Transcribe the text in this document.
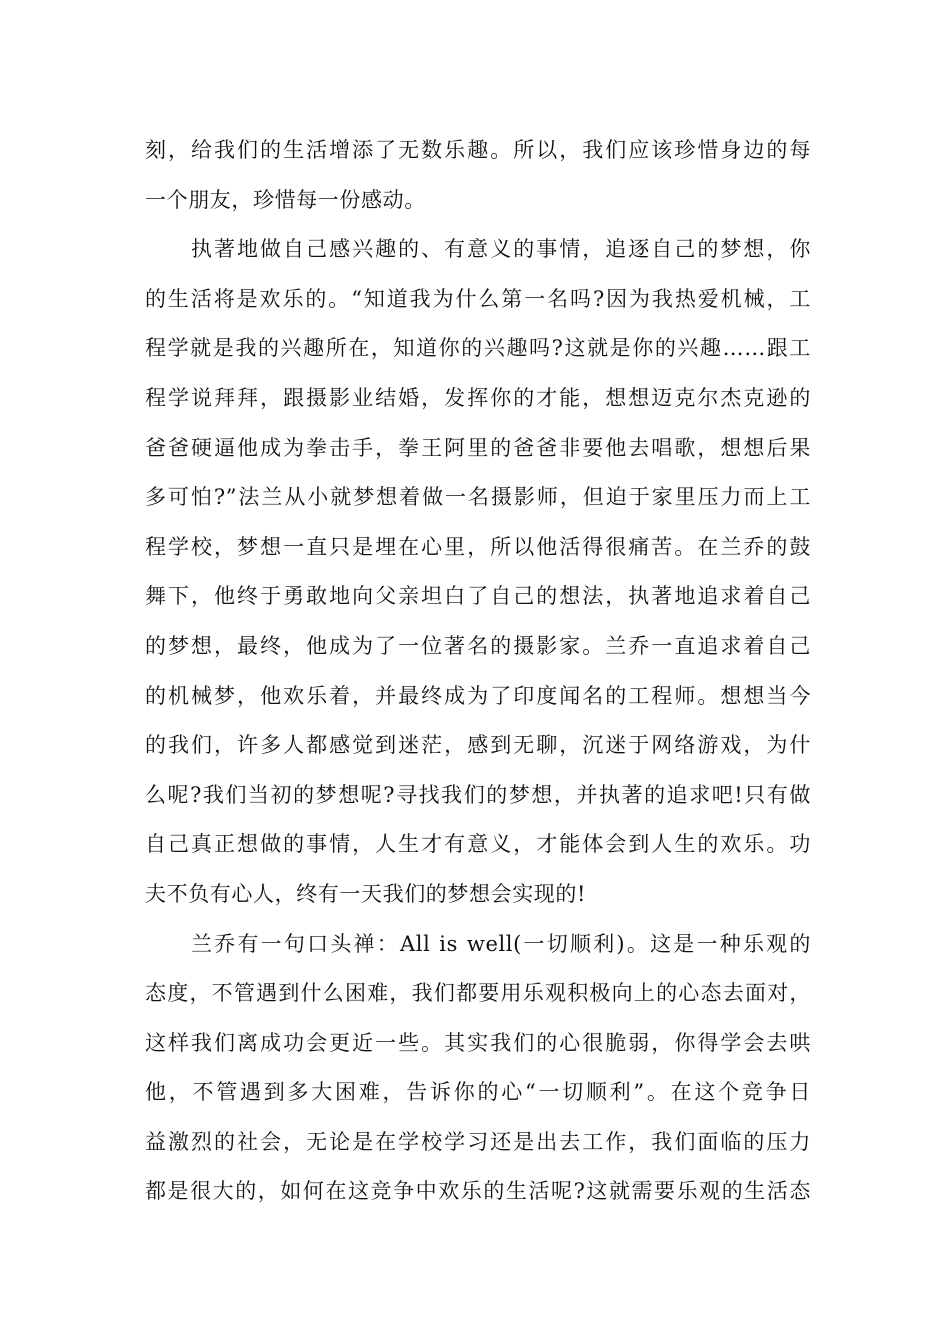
刻，给我们的生活增添了无数乐趣。所以，我们应该珍惜身边的每
一个朋友，珍惜每一份感动。
执著地做自己感兴趣的、有意义的事情，追逐自己的梦想，你
的生活将是欢乐的。“知道我为什么第一名吗?因为我热爱机械，工
程学就是我的兴趣所在，知道你的兴趣吗?这就是你的兴趣……跟工
程学说拜拜，跟摄影业结婚，发挥你的才能，想想迈克尔杰克逊的
爸爸硬逼他成为拳击手，拳王阿里的爸爸非要他去唱歌，想想后果
多可怕?”法兰从小就梦想着做一名摄影师，但迫于家里压力而上工
程学校，梦想一直只是埋在心里，所以他活得很痛苦。在兰乔的鼓
舞下，他终于勇敢地向父亲坦白了自己的想法，执著地追求着自己
的梦想，最终，他成为了一位著名的摄影家。兰乔一直追求着自己
的机械梦，他欢乐着，并最终成为了印度闻名的工程师。想想当今
的我们，许多人都感觉到迷茫，感到无聊，沉迷于网络游戏，为什
么呢?我们当初的梦想呢?寻找我们的梦想，并执著的追求吧!只有做
自己真正想做的事情，人生才有意义，才能体会到人生的欢乐。功
夫不负有心人，终有一天我们的梦想会实现的!
兰乔有一句口头禅：All is well(一切顺利)。这是一种乐观的
态度，不管遇到什么困难，我们都要用乐观积极向上的心态去面对，
这样我们离成功会更近一些。其实我们的心很脆弱，你得学会去哄
他，不管遇到多大困难，告诉你的心“一切顺利”。在这个竞争日
益激烈的社会，无论是在学校学习还是出去工作，我们面临的压力
都是很大的，如何在这竞争中欢乐的生活呢?这就需要乐观的生活态
